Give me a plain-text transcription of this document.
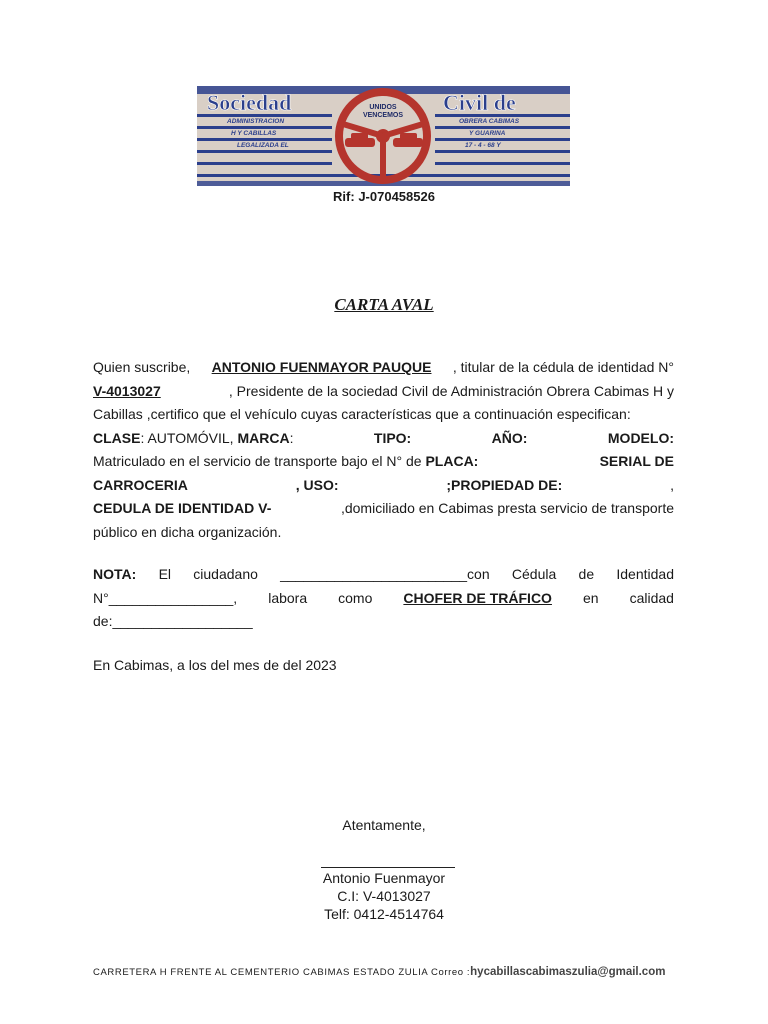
Sociedad	Civil de
UNIDOS
VENCEMOS
ADMINISTRACION
H Y CABILLAS
LEGALIZADA EL
OBRERA CABIMAS
Y GUARINA
17 - 4 - 68 Y
Rif: J-070458526
CARTA AVAL
Quien suscribe, ANTONIO FUENMAYOR PAUQUE , titular de la cédula de identidad N°
V-4013027	, Presidente de la sociedad Civil de Administración Obrera Cabimas H y
Cabillas ,certifico que el vehículo cuyas características que a continuación especifican:
CLASE: AUTOMÓVIL, MARCA:	TIPO:	AÑO:	MODELO:
Matriculado en el servicio de transporte bajo el N° de PLACA:	SERIAL DE
CARROCERIA	, USO:	;PROPIEDAD DE:	,
CEDULA DE IDENTIDAD V-	,domiciliado en Cabimas presta servicio de transporte
público en dicha organización.
NOTA: El ciudadano ________________________con Cédula de Identidad
N°________________, labora como CHOFER DE TRÁFICO en calidad
de:__________________
En Cabimas, a los del mes de del 2023
Atentamente,
Antonio Fuenmayor
C.I: V-4013027
Telf: 0412-4514764
CARRETERA H FRENTE AL CEMENTERIO CABIMAS ESTADO ZULIA Correo :hycabillascabimaszulia@gmail.com
